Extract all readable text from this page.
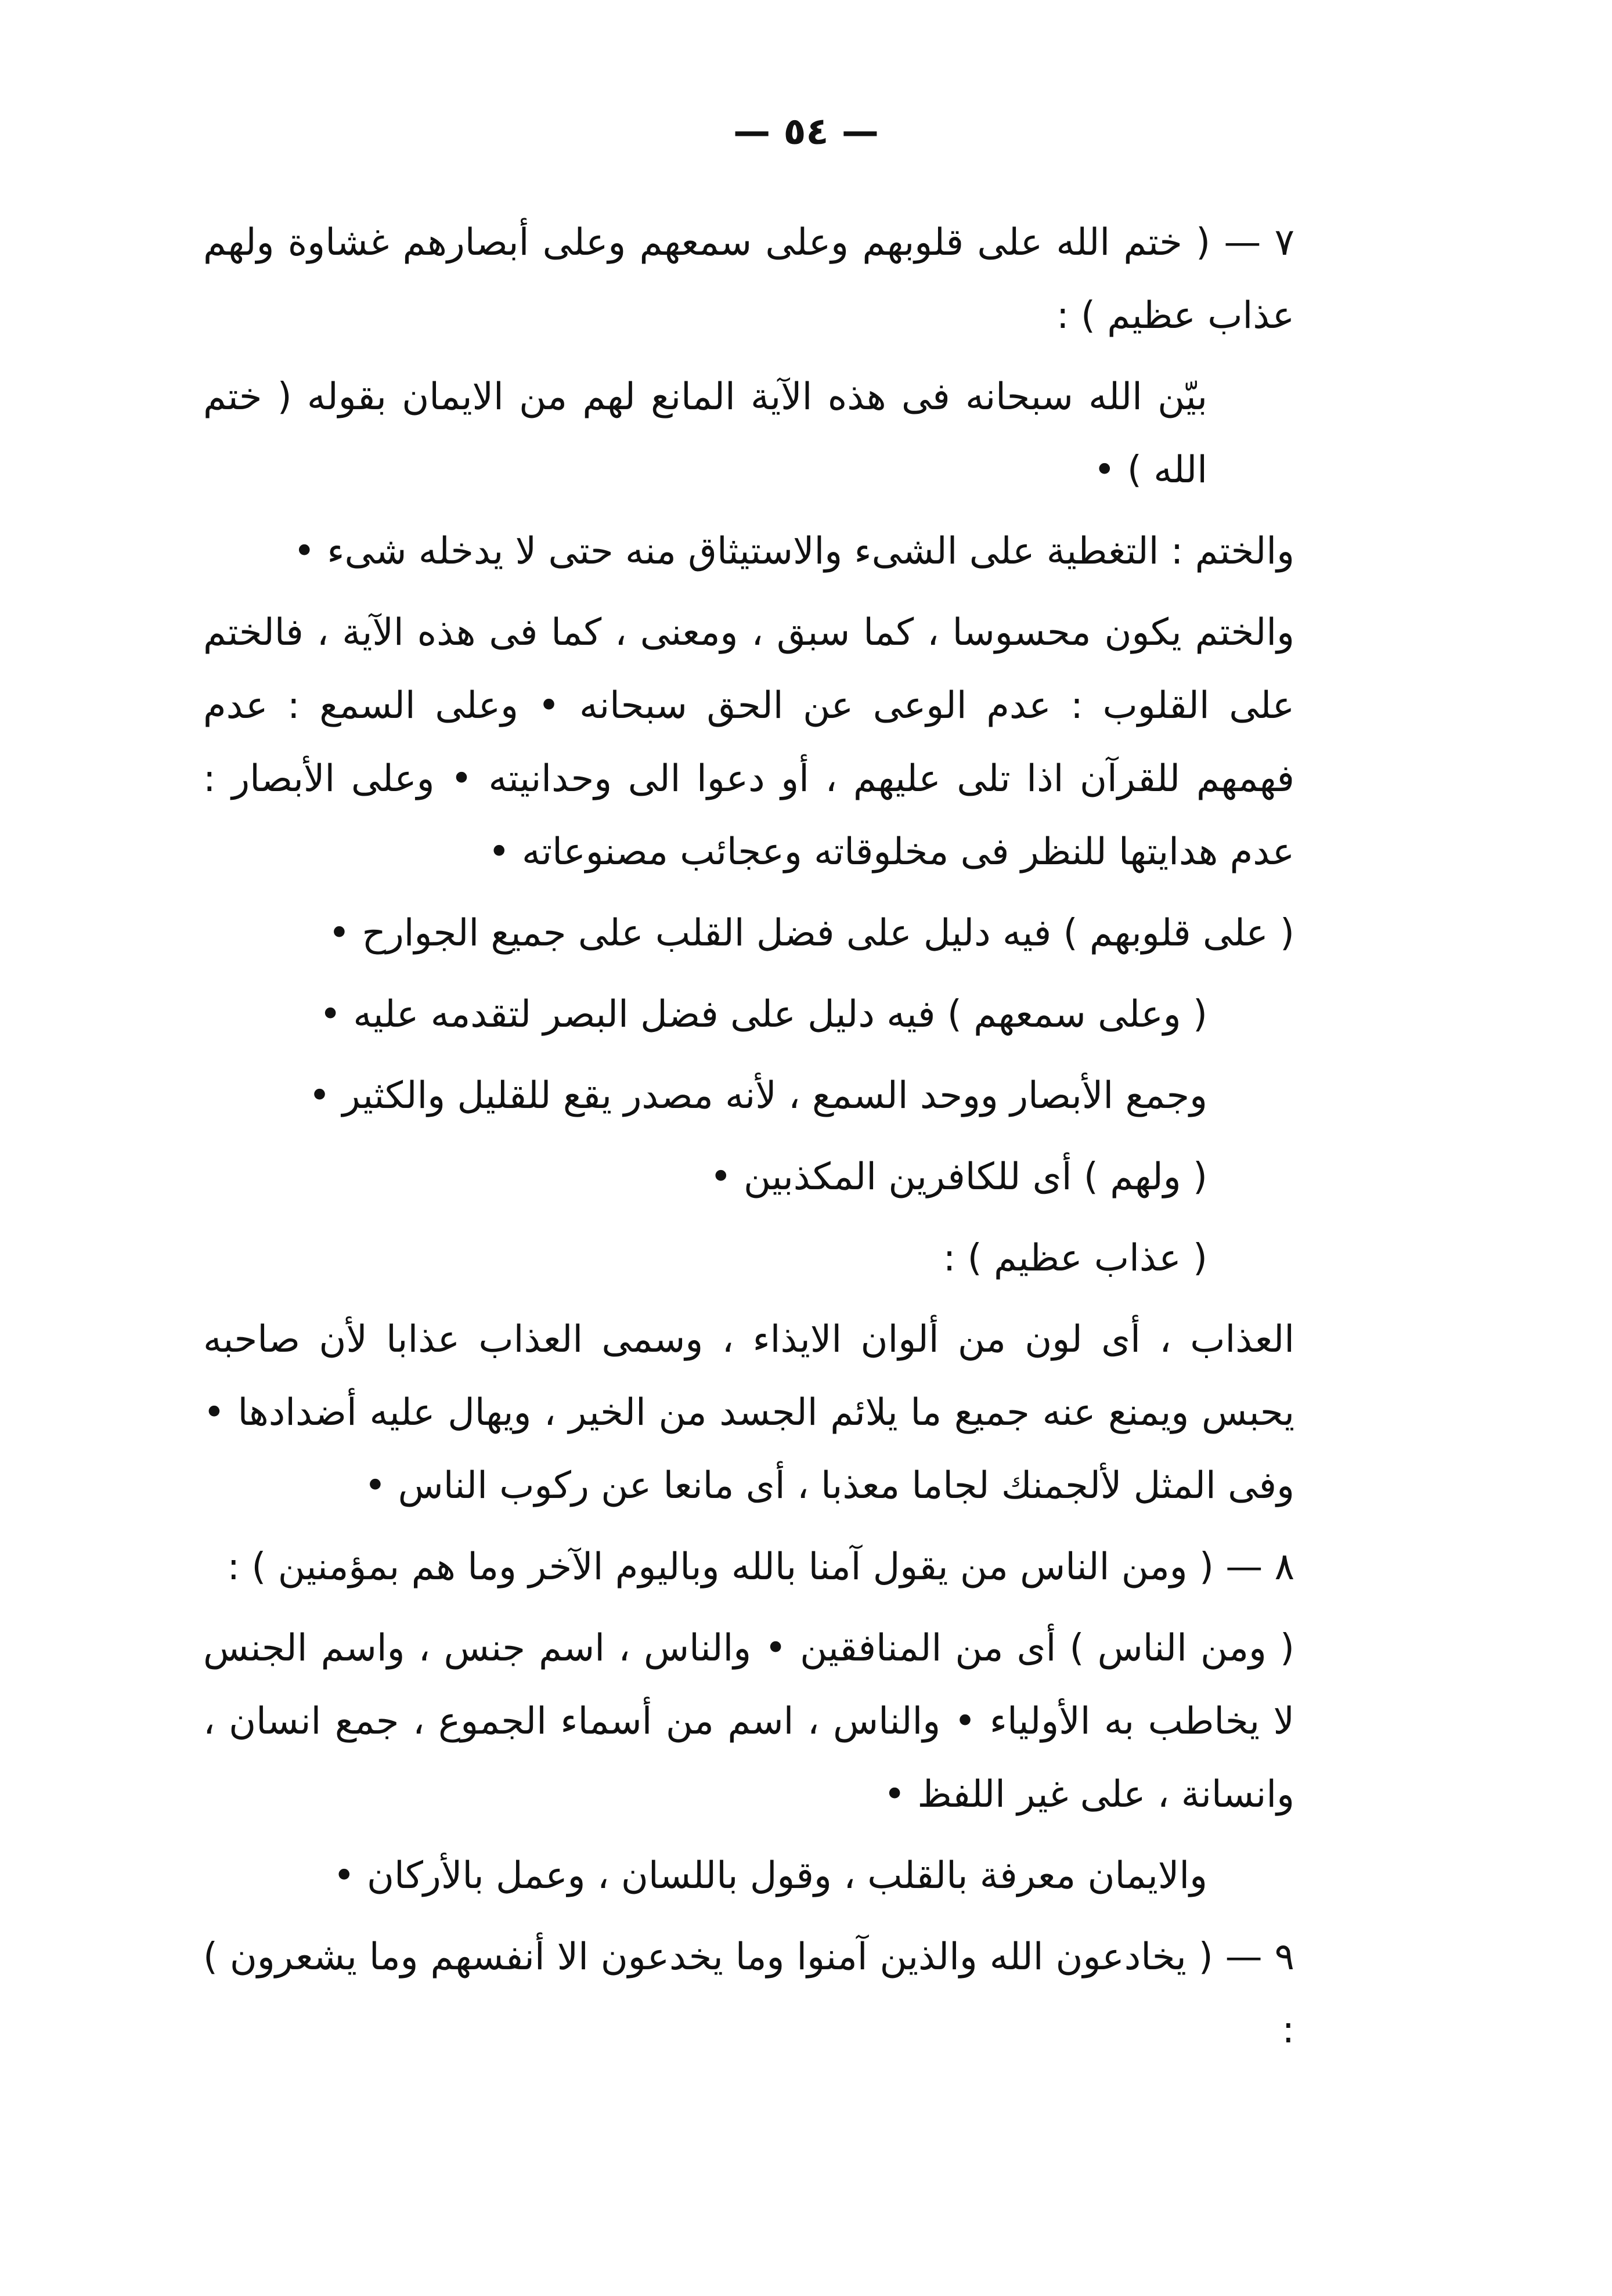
— ٥٤ —

٧ — ( ختم الله على قلوبهم وعلى سمعهم وعلى أبصارهم غشاوة ولهم عذاب عظيم ) :

بيّن الله سبحانه فى هذه الآية المانع لهم من الايمان بقوله ( ختم الله ) •

والختم : التغطية على الشىء والاستيثاق منه حتى لا يدخله شىء •

والختم يكون محسوسا ، كما سبق ، ومعنى ، كما فى هذه الآية ، فالختم على القلوب : عدم الوعى عن الحق سبحانه • وعلى السمع : عدم فهمهم للقرآن اذا تلى عليهم ، أو دعوا الى وحدانيته • وعلى الأبصار : عدم هدايتها للنظر فى مخلوقاته وعجائب مصنوعاته •

( على قلوبهم ) فيه دليل على فضل القلب على جميع الجوارح •

( وعلى سمعهم ) فيه دليل على فضل البصر لتقدمه عليه •

وجمع الأبصار ووحد السمع ، لأنه مصدر يقع للقليل والكثير •

( ولهم ) أى للكافرين المكذبين •

( عذاب عظيم ) :

العذاب ، أى لون من ألوان الايذاء ، وسمى العذاب عذابا لأن صاحبه يحبس ويمنع عنه جميع ما يلائم الجسد من الخير ، ويهال عليه أضدادها • وفى المثل لألجمنك لجاما معذبا ، أى مانعا عن ركوب الناس •

٨ — ( ومن الناس من يقول آمنا بالله وباليوم الآخر وما هم بمؤمنين ) :

( ومن الناس ) أى من المنافقين • والناس ، اسم جنس ، واسم الجنس لا يخاطب به الأولياء • والناس ، اسم من أسماء الجموع ، جمع انسان ، وانسانة ، على غير اللفظ •

والايمان معرفة بالقلب ، وقول باللسان ، وعمل بالأركان •

٩ — ( يخادعون الله والذين آمنوا وما يخدعون الا أنفسهم وما يشعرون ) :
